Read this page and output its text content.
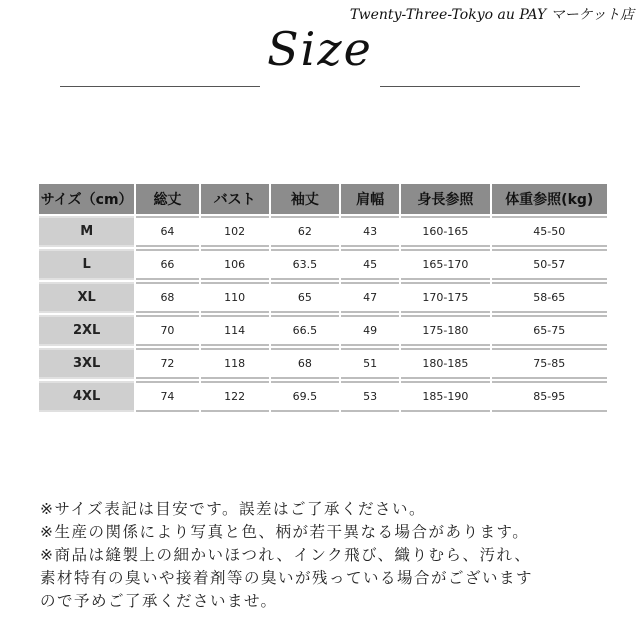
Twenty-Three-Tokyo au PAY マーケット店
Size
サイズ（cm）	総丈	バスト	袖丈	肩幅	身長参照	体重参照(kg)
M	64	102	62	43	160-165	45-50
L	66	106	63.5	45	165-170	50-57
XL	68	110	65	47	170-175	58-65
2XL	70	114	66.5	49	175-180	65-75
3XL	72	118	68	51	180-185	75-85
4XL	74	122	69.5	53	185-190	85-95
※サイズ表記は目安です。誤差はご了承ください。
※生産の関係により写真と色、柄が若干異なる場合があります。
※商品は縫製上の細かいほつれ、インク飛び、織りむら、汚れ、
素材特有の臭いや接着剤等の臭いが残っている場合がございます
ので予めご了承くださいませ。
